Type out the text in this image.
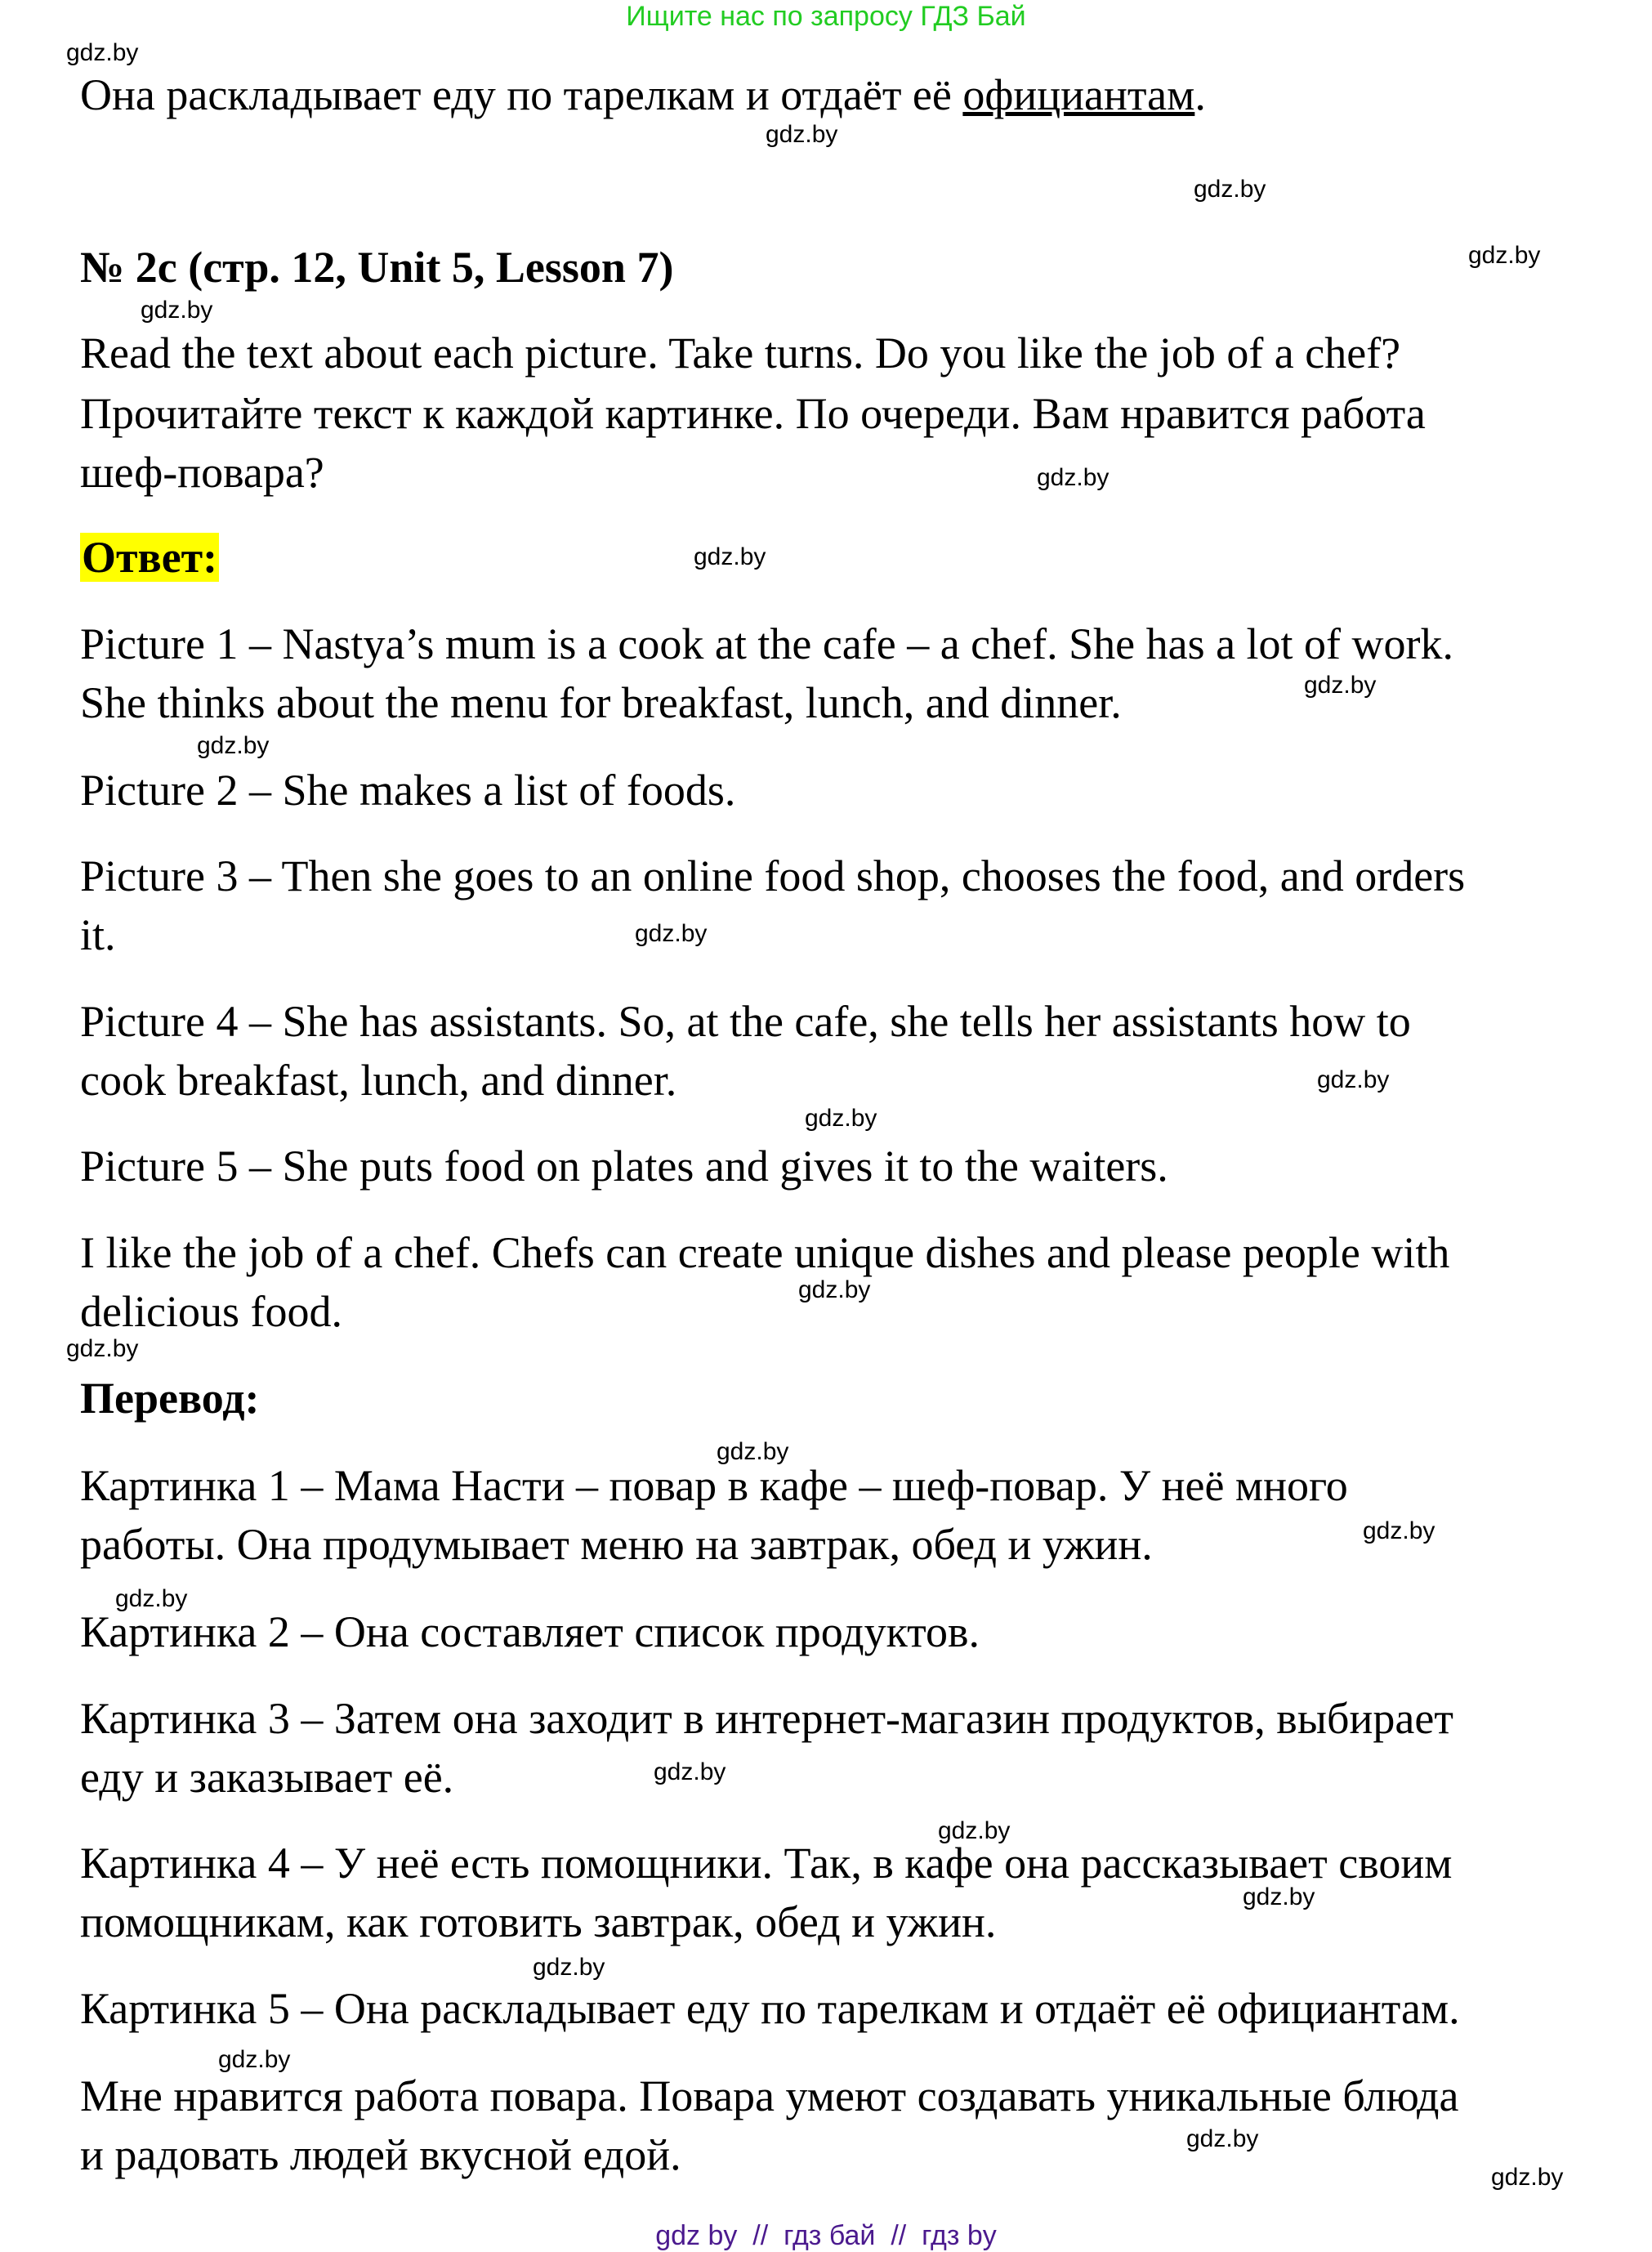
Ищите нас по запросу ГДЗ Бай
Она раскладывает еду по тарелкам и отдаёт её официантам.
№ 2c (стр. 12, Unit 5, Lesson 7)
Read the text about each picture. Take turns. Do you like the job of a chef?
Прочитайте текст к каждой картинке. По очереди. Вам нравится работа
шеф-повара?
Ответ:
Picture 1 – Nastya’s mum is a cook at the cafe – a chef. She has a lot of work.
She thinks about the menu for breakfast, lunch, and dinner.
Picture 2 – She makes a list of foods.
Picture 3 – Then she goes to an online food shop, chooses the food, and orders
it.
Picture 4 – She has assistants. So, at the cafe, she tells her assistants how to
cook breakfast, lunch, and dinner.
Picture 5 – She puts food on plates and gives it to the waiters.
I like the job of a chef. Chefs can create unique dishes and please people with
delicious food.
Перевод:
Картинка 1 – Мама Насти – повар в кафе – шеф-повар. У неё много
работы. Она продумывает меню на завтрак, обед и ужин.
Картинка 2 – Она составляет список продуктов.
Картинка 3 – Затем она заходит в интернет-магазин продуктов, выбирает
еду и заказывает её.
Картинка 4 – У неё есть помощники. Так, в кафе она рассказывает своим
помощникам, как готовить завтрак, обед и ужин.
Картинка 5 – Она раскладывает еду по тарелкам и отдаёт её официантам.
Мне нравится работа повара. Повара умеют создавать уникальные блюда
и радовать людей вкусной едой.
gdz.by
gdz.by
gdz.by
gdz.by
gdz.by
gdz.by
gdz.by
gdz.by
gdz.by
gdz.by
gdz.by
gdz.by
gdz.by
gdz.by
gdz.by
gdz.by
gdz.by
gdz.by
gdz.by
gdz.by
gdz.by
gdz.by
gdz.by
gdz.by
gdz by  //  гдз бай  //  гдз by
